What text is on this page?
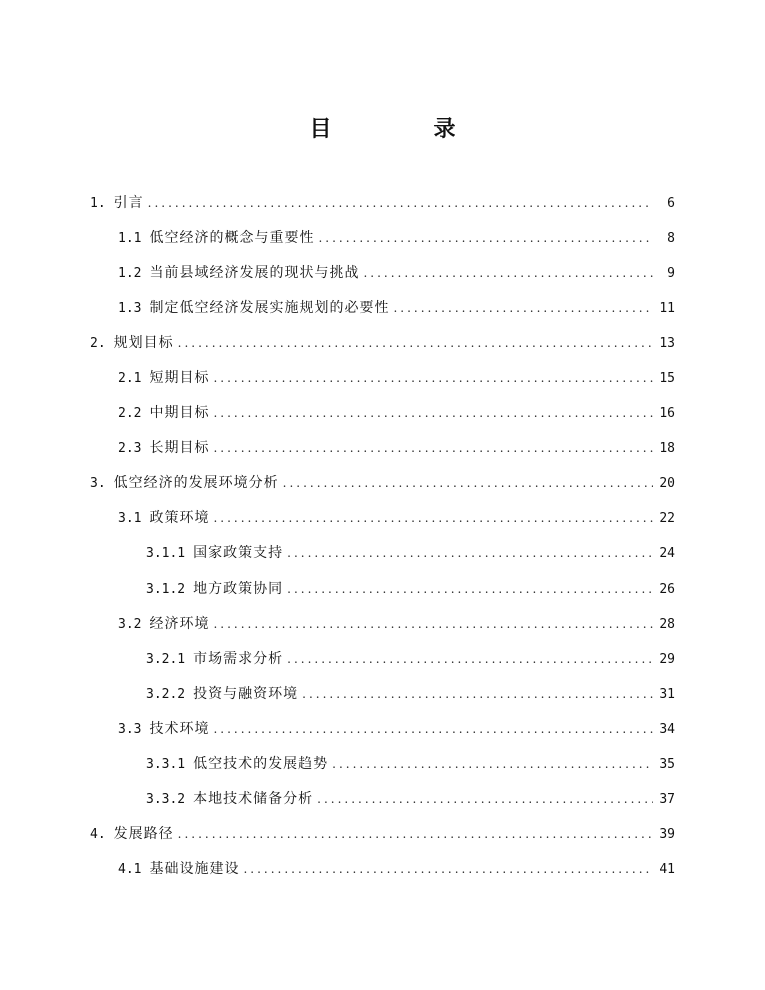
目　录
1. 引言 .....	6
1.1 低空经济的概念与重要性 .....	8
1.2 当前县域经济发展的现状与挑战 .....	9
1.3 制定低空经济发展实施规划的必要性 .....	11
2. 规划目标 .....	13
2.1 短期目标 .....	15
2.2 中期目标 .....	16
2.3 长期目标 .....	18
3. 低空经济的发展环境分析 .....	20
3.1 政策环境 .....	22
3.1.1 国家政策支持 .....	24
3.1.2 地方政策协同 .....	26
3.2 经济环境 .....	28
3.2.1 市场需求分析 .....	29
3.2.2 投资与融资环境 .....	31
3.3 技术环境 .....	34
3.3.1 低空技术的发展趋势 .....	35
3.3.2 本地技术储备分析 .....	37
4. 发展路径 .....	39
4.1 基础设施建设 .....	41
